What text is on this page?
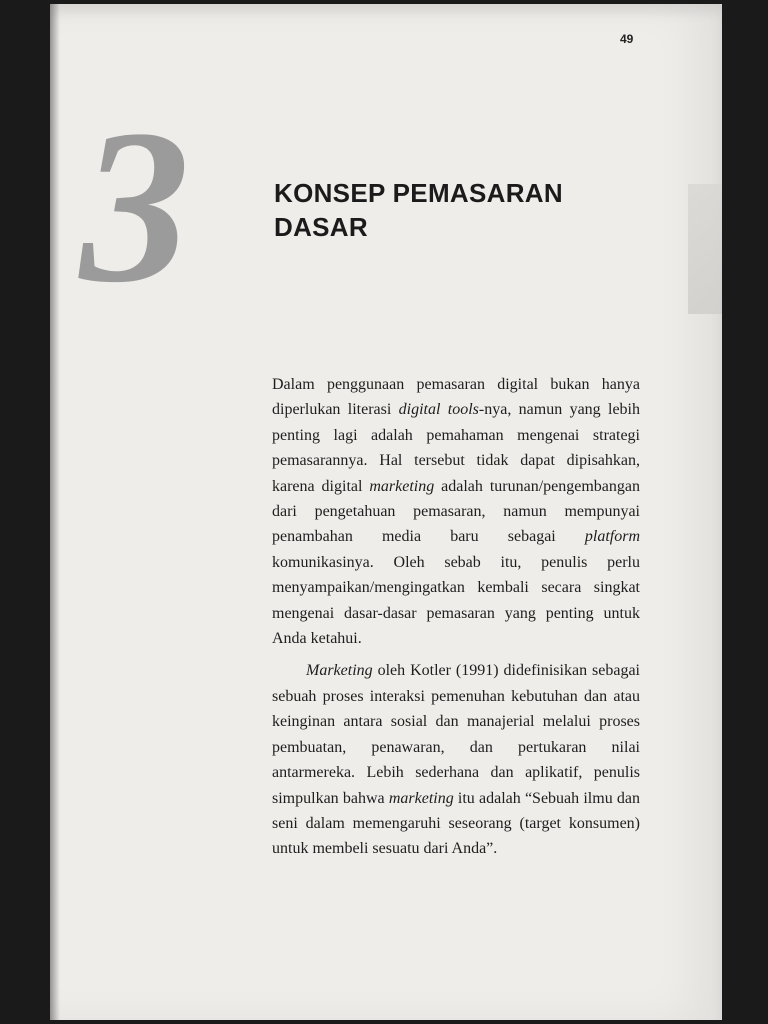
49
3	KONSEP PEMASARAN
DASAR

Dalam penggunaan pemasaran digital bukan hanya diperlukan literasi digital tools-nya, namun yang lebih penting lagi adalah pemahaman mengenai strategi pemasarannya. Hal tersebut tidak dapat dipisahkan, karena digital marketing adalah turunan/pengembangan dari pengetahuan pemasaran, namun mempunyai penambahan media baru sebagai platform komunikasinya. Oleh sebab itu, penulis perlu menyampaikan/mengingatkan kembali secara singkat mengenai dasar-dasar pemasaran yang penting untuk Anda ketahui.

Marketing oleh Kotler (1991) didefinisikan sebagai sebuah proses interaksi pemenuhan kebutuhan dan atau keinginan antara sosial dan manajerial melalui proses pembuatan, penawaran, dan pertukaran nilai antarmereka. Lebih sederhana dan aplikatif, penulis simpulkan bahwa marketing itu adalah “Sebuah ilmu dan seni dalam memengaruhi seseorang (target konsumen) untuk membeli sesuatu dari Anda”.
